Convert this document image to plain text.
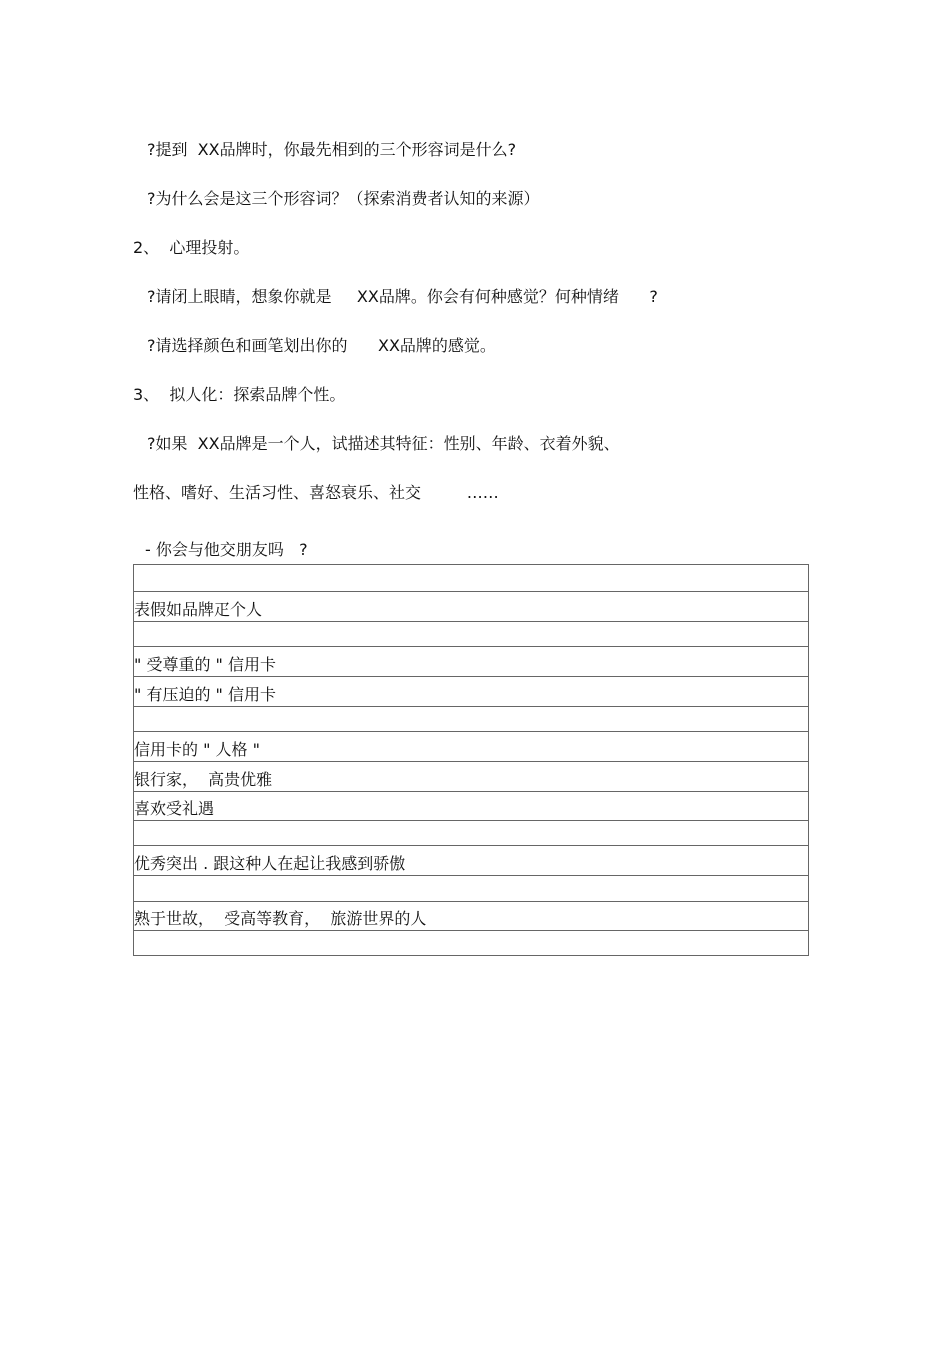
?提到  XX品牌时，你最先相到的三个形容词是什么?

?为什么会是这三个形容词？（探索消费者认知的来源）

2、  心理投射。

?请闭上眼睛，想象你就是     XX品牌。你会有何种感觉？何种情绪      ?

?请选择颜色和画笔划出你的      XX品牌的感觉。

3、  拟人化：探索品牌个性。

?如果  XX品牌是一个人，试描述其特征：性别、年龄、衣着外貌、

性格、嗜好、生活习性、喜怒衰乐、社交         ……

- 你会与他交朋友吗   ?

表假如品牌疋个人
" 受尊重的 " 信用卡
" 有压迫的 " 信用卡
信用卡的 " 人格 "
银行家，  高贵优雅
喜欢受礼遇
优秀突出 . 跟这种人在起让我感到骄傲
熟于世故，  受高等教育，  旅游世界的人
